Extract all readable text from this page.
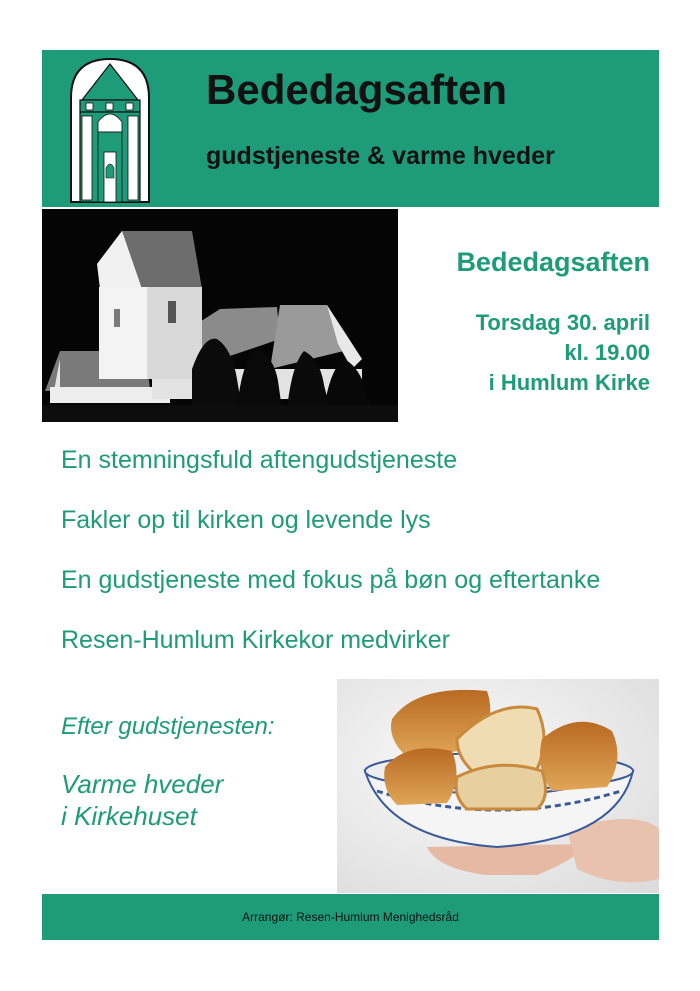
Bededagsaften
gudstjeneste & varme hveder
Bededagsaften
Torsdag 30. april
kl. 19.00
i Humlum Kirke
En stemningsfuld aftengudstjeneste
Fakler op til kirken og levende lys
En gudstjeneste med fokus på bøn og eftertanke
Resen-Humlum Kirkekor medvirker
Efter gudstjenesten:
Varme hveder
i Kirkehuset
Arrangør: Resen-Humlum Menighedsråd
